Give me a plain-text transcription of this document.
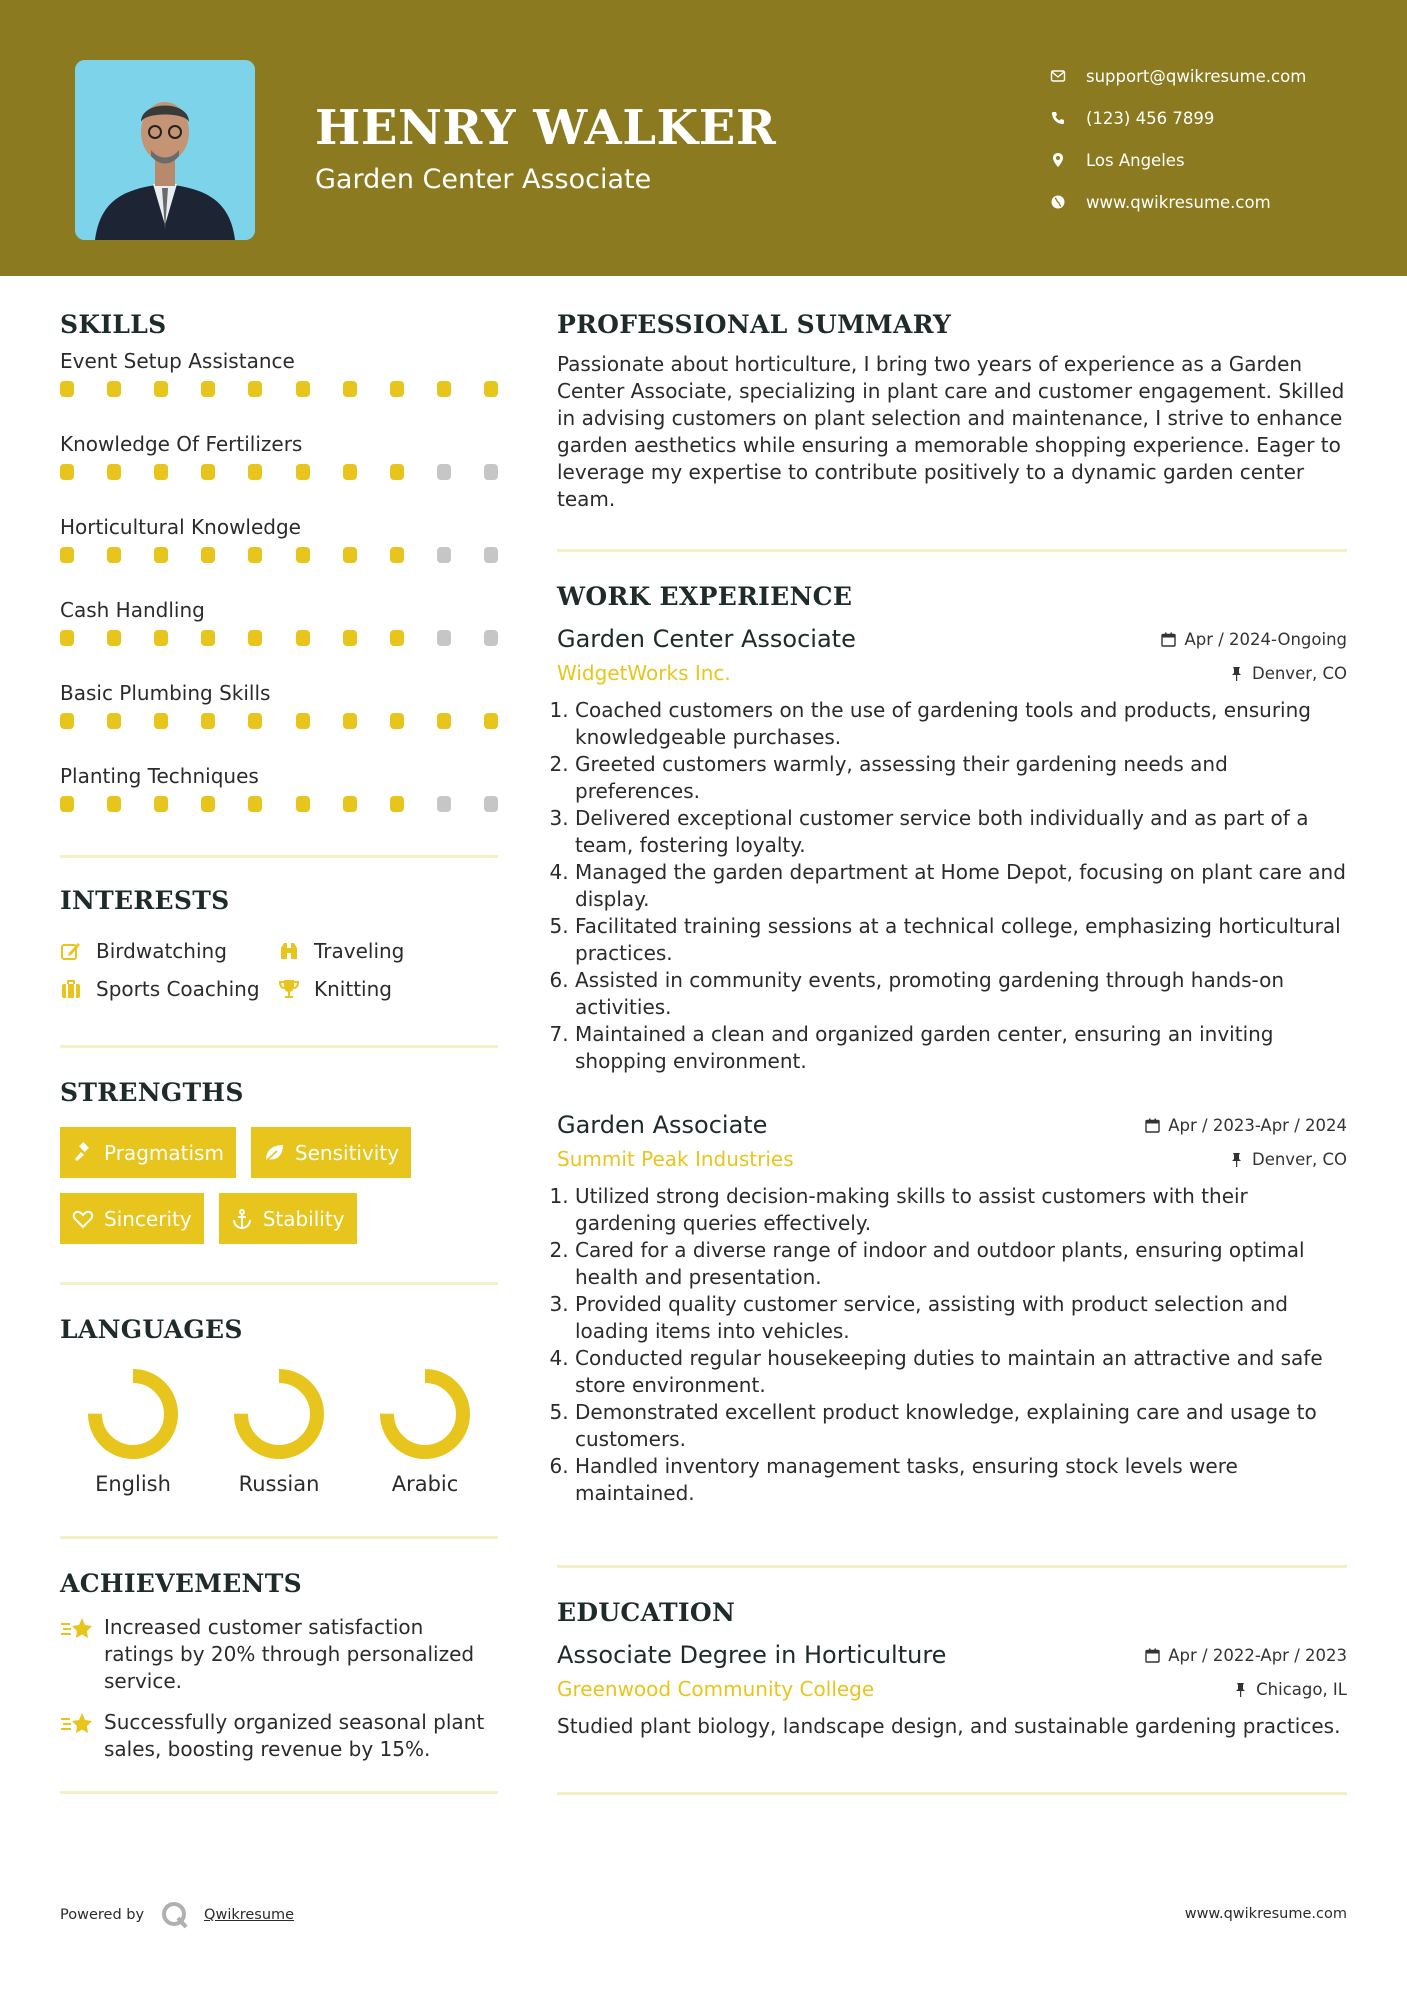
HENRY WALKER
Garden Center Associate
support@qwikresume.com
(123) 456 7899
Los Angeles
www.qwikresume.com
SKILLS
Event Setup Assistance
Knowledge Of Fertilizers
Horticultural Knowledge
Cash Handling
Basic Plumbing Skills
Planting Techniques
INTERESTS
Birdwatching	Traveling
Sports Coaching	Knitting
STRENGTHS
Pragmatism	Sensitivity
Sincerity	Stability
LANGUAGES
English	Russian	Arabic
ACHIEVEMENTS
Increased customer satisfaction ratings by 20% through personalized service.
Successfully organized seasonal plant sales, boosting revenue by 15%.
PROFESSIONAL SUMMARY
Passionate about horticulture, I bring two years of experience as a Garden Center Associate, specializing in plant care and customer engagement. Skilled in advising customers on plant selection and maintenance, I strive to enhance garden aesthetics while ensuring a memorable shopping experience. Eager to leverage my expertise to contribute positively to a dynamic garden center team.
WORK EXPERIENCE
Garden Center Associate	Apr / 2024-Ongoing
WidgetWorks Inc.	Denver, CO
1. Coached customers on the use of gardening tools and products, ensuring knowledgeable purchases.
2. Greeted customers warmly, assessing their gardening needs and preferences.
3. Delivered exceptional customer service both individually and as part of a team, fostering loyalty.
4. Managed the garden department at Home Depot, focusing on plant care and display.
5. Facilitated training sessions at a technical college, emphasizing horticultural practices.
6. Assisted in community events, promoting gardening through hands-on activities.
7. Maintained a clean and organized garden center, ensuring an inviting shopping environment.
Garden Associate	Apr / 2023-Apr / 2024
Summit Peak Industries	Denver, CO
1. Utilized strong decision-making skills to assist customers with their gardening queries effectively.
2. Cared for a diverse range of indoor and outdoor plants, ensuring optimal health and presentation.
3. Provided quality customer service, assisting with product selection and loading items into vehicles.
4. Conducted regular housekeeping duties to maintain an attractive and safe store environment.
5. Demonstrated excellent product knowledge, explaining care and usage to customers.
6. Handled inventory management tasks, ensuring stock levels were maintained.
EDUCATION
Associate Degree in Horticulture	Apr / 2022-Apr / 2023
Greenwood Community College	Chicago, IL
Studied plant biology, landscape design, and sustainable gardening practices.
Powered by	Qwikresume	www.qwikresume.com
